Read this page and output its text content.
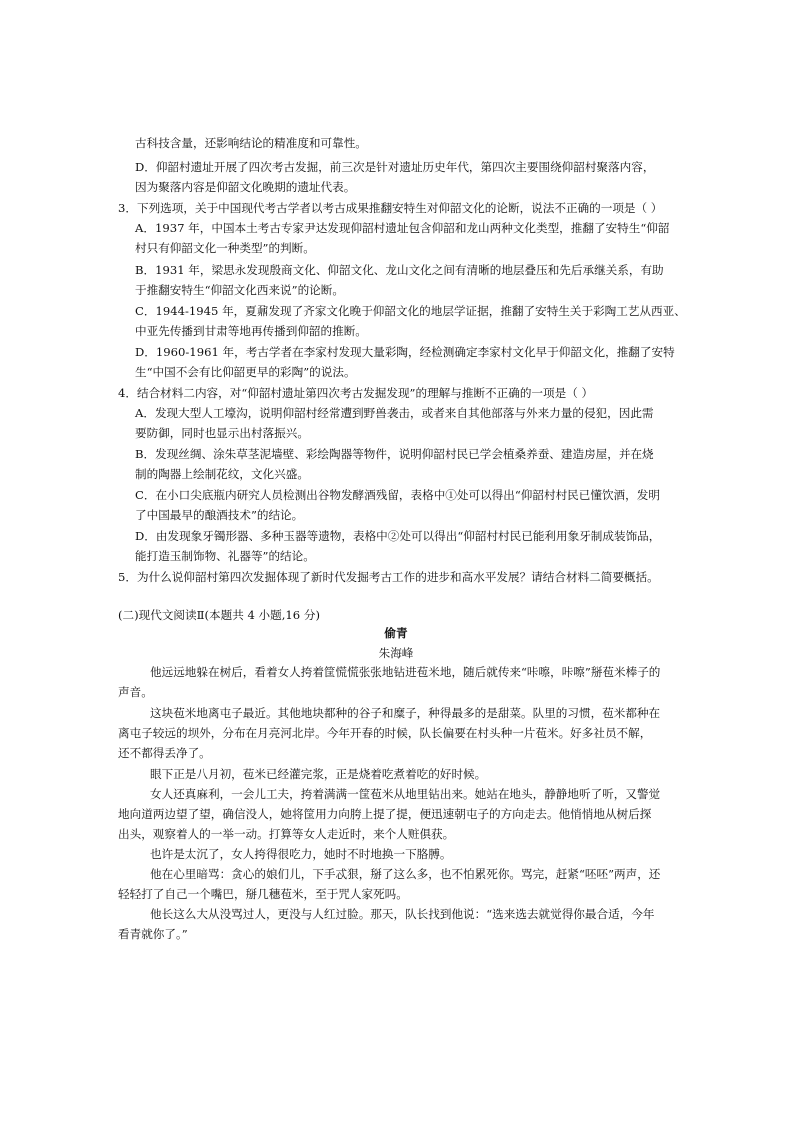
古科技含量，还影响结论的精准度和可靠性。
D．仰韶村遗址开展了四次考古发掘，前三次是针对遗址历史年代，第四次主要围绕仰韶村聚落内容，
因为聚落内容是仰韶文化晚期的遗址代表。
3．下列选项，关于中国现代考古学者以考古成果推翻安特生对仰韶文化的论断，说法不正确的一项是（ ）
A．1937 年，中国本土考古专家尹达发现仰韶村遗址包含仰韶和龙山两种文化类型，推翻了安特生“仰韶
村只有仰韶文化一种类型”的判断。
B．1931 年，梁思永发现殷商文化、仰韶文化、龙山文化之间有清晰的地层叠压和先后承继关系，有助
于推翻安特生“仰韶文化西来说”的论断。
C．1944-1945 年，夏鼐发现了齐家文化晚于仰韶文化的地层学证据，推翻了安特生关于彩陶工艺从西亚、
中亚先传播到甘肃等地再传播到仰韶的推断。
D．1960-1961 年，考古学者在李家村发现大量彩陶，经检测确定李家村文化早于仰韶文化，推翻了安特
生“中国不会有比仰韶更早的彩陶”的说法。
4．结合材料二内容，对“仰韶村遗址第四次考古发掘发现”的理解与推断不正确的一项是（ ）
A．发现大型人工壕沟，说明仰韶村经常遭到野兽袭击，或者来自其他部落与外来力量的侵犯，因此需
要防御，同时也显示出村落振兴。
B．发现丝绸、涂朱草茎泥墙壁、彩绘陶器等物件，说明仰韶村民已学会植桑养蚕、建造房屋，并在烧
制的陶器上绘制花纹，文化兴盛。
C．在小口尖底瓶内研究人员检测出谷物发酵酒残留，表格中①处可以得出“仰韶村村民已懂饮酒，发明
了中国最早的酿酒技术”的结论。
D．由发现象牙镯形器、多种玉器等遗物，表格中②处可以得出“仰韶村村民已能利用象牙制成装饰品，
能打造玉制饰物、礼器等”的结论。
5．为什么说仰韶村第四次发掘体现了新时代发掘考古工作的进步和高水平发展？请结合材料二简要概括。
(二)现代文阅读Ⅱ(本题共 4 小题,16 分)
偷青
朱海峰
他远远地躲在树后，看着女人挎着筐慌慌张张地钻进苞米地，随后就传来“咔嚓，咔嚓”掰苞米棒子的
声音。
这块苞米地离屯子最近。其他地块都种的谷子和糜子，种得最多的是甜菜。队里的习惯，苞米都种在
离屯子较远的坝外，分布在月亮河北岸。今年开春的时候，队长偏要在村头种一片苞米。好多社员不解，
还不都得丢净了。
眼下正是八月初，苞米已经灌完浆，正是烧着吃煮着吃的好时候。
女人还真麻利，一会儿工夫，挎着满满一筐苞米从地里钻出来。她站在地头，静静地听了听，又警觉
地向道两边望了望，确信没人，她将筐用力向胯上提了提，便迅速朝屯子的方向走去。他悄悄地从树后探
出头，观察着人的一举一动。打算等女人走近时，来个人赃俱获。
也许是太沉了，女人挎得很吃力，她时不时地换一下胳膊。
他在心里暗骂：贪心的娘们儿，下手忒狠，掰了这么多，也不怕累死你。骂完，赶紧“呸呸”两声，还
轻轻打了自己一个嘴巴，掰几穗苞米，至于咒人家死吗。
他长这么大从没骂过人，更没与人红过脸。那天，队长找到他说：“选来选去就觉得你最合适，今年
看青就你了。”
